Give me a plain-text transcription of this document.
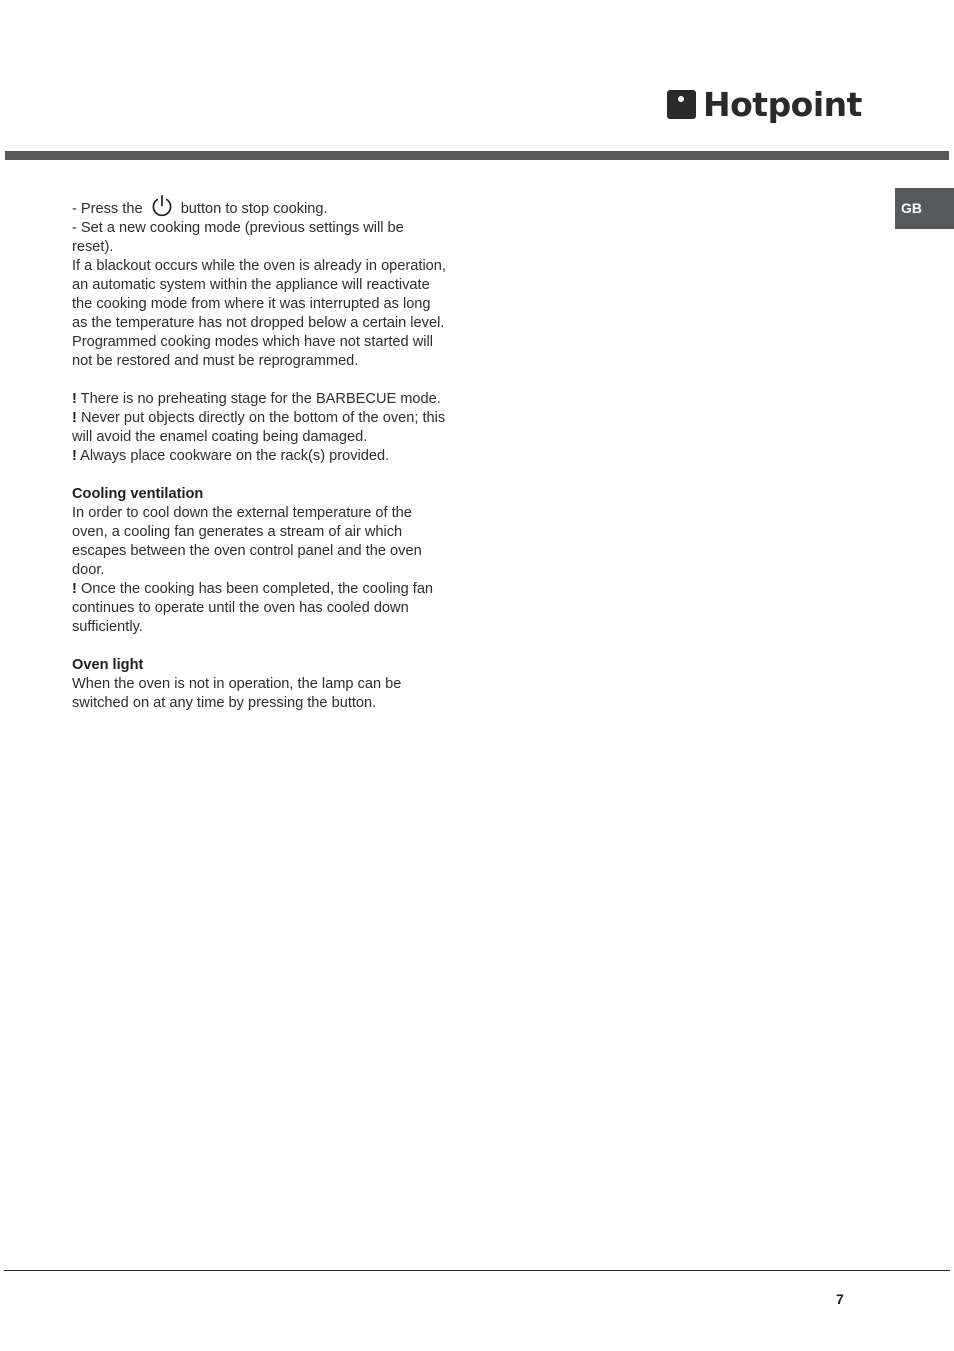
Hotpoint
GB

- Press the	button to stop cooking.

- Set a new cooking mode (previous settings will be reset).

If a blackout occurs while the oven is already in operation, an automatic system within the appliance will reactivate the cooking mode from where it was interrupted as long as the temperature has not dropped below a certain level. Programmed cooking modes which have not started will not be restored and must be reprogrammed.

! There is no preheating stage for the BARBECUE mode.

! Never put objects directly on the bottom of the oven; this will avoid the enamel coating being damaged.

! Always place cookware on the rack(s) provided.

Cooling ventilation

In order to cool down the external temperature of the oven, a cooling fan generates a stream of air which escapes between the oven control panel and the oven door.

! Once the cooking has been completed, the cooling fan continues to operate until the oven has cooled down sufficiently.

Oven light

When the oven is not in operation, the lamp can be switched on at any time by pressing the button.

7
